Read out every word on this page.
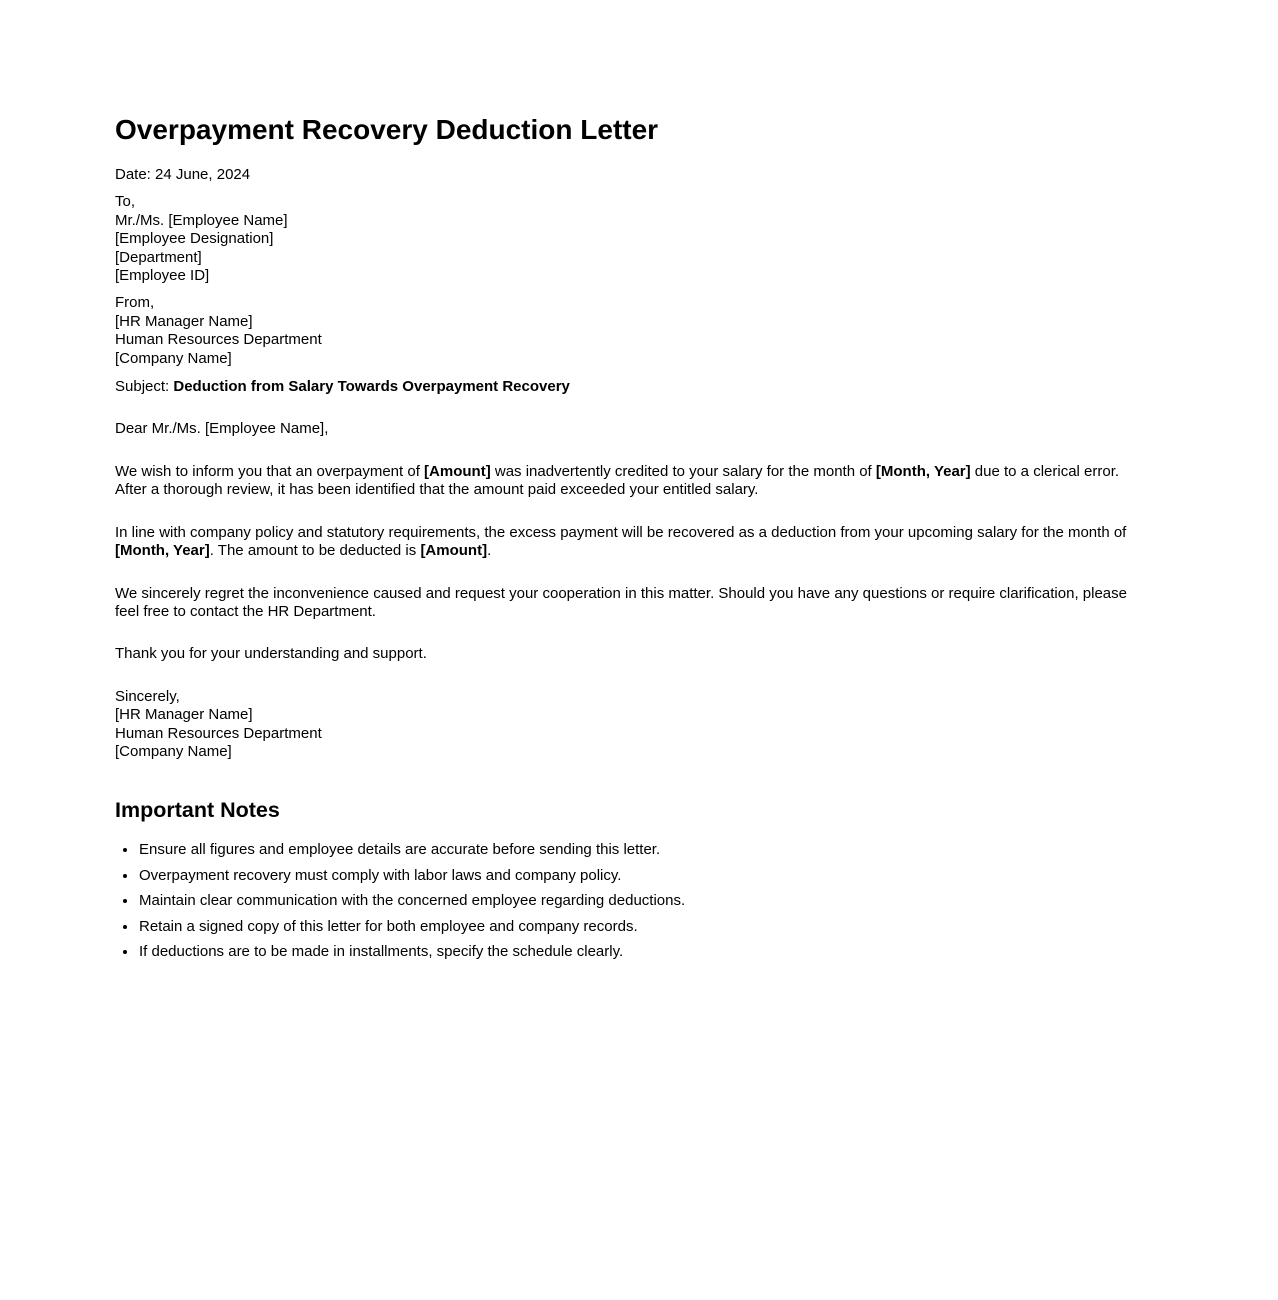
Overpayment Recovery Deduction Letter

Date: 24 June, 2024

To,
Mr./Ms. [Employee Name]
[Employee Designation]
[Department]
[Employee ID]

From,
[HR Manager Name]
Human Resources Department
[Company Name]

Subject: Deduction from Salary Towards Overpayment Recovery

Dear Mr./Ms. [Employee Name],

We wish to inform you that an overpayment of [Amount] was inadvertently credited to your salary for the month of [Month, Year] due to a clerical error. After a thorough review, it has been identified that the amount paid exceeded your entitled salary.

In line with company policy and statutory requirements, the excess payment will be recovered as a deduction from your upcoming salary for the month of [Month, Year]. The amount to be deducted is [Amount].

We sincerely regret the inconvenience caused and request your cooperation in this matter. Should you have any questions or require clarification, please feel free to contact the HR Department.

Thank you for your understanding and support.

Sincerely,
[HR Manager Name]
Human Resources Department
[Company Name]

Important Notes
• Ensure all figures and employee details are accurate before sending this letter.
• Overpayment recovery must comply with labor laws and company policy.
• Maintain clear communication with the concerned employee regarding deductions.
• Retain a signed copy of this letter for both employee and company records.
• If deductions are to be made in installments, specify the schedule clearly.
